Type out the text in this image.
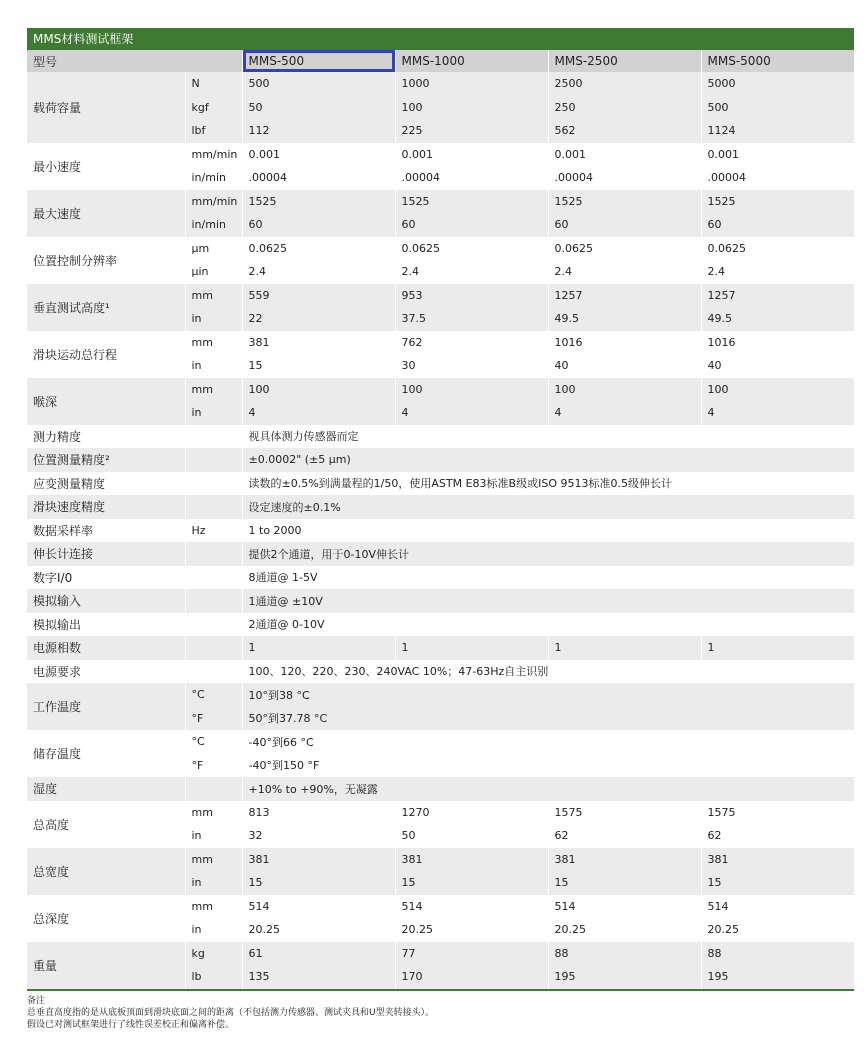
MMS材料测试框架
型号		MMS-500	MMS-1000	MMS-2500	MMS-5000
载荷容量	N	500	1000	2500	5000
	kgf	50	100	250	500
	lbf	112	225	562	1124
最小速度	mm/min	0.001	0.001	0.001	0.001
	in/min	.00004	.00004	.00004	.00004
最大速度	mm/min	1525	1525	1525	1525
	in/min	60	60	60	60
位置控制分辨率	μm	0.0625	0.0625	0.0625	0.0625
	μin	2.4	2.4	2.4	2.4
垂直测试高度¹	mm	559	953	1257	1257
	in	22	37.5	49.5	49.5
滑块运动总行程	mm	381	762	1016	1016
	in	15	30	40	40
喉深	mm	100	100	100	100
	in	4	4	4	4
测力精度		视具体测力传感器而定			
位置测量精度²		±0.0002" (±5 μm)			
应变测量精度		读数的±0.5%到满量程的1/50，使用ASTM E83标准B级或ISO 9513标准0.5级伸长计			
滑块速度精度		设定速度的±0.1%			
数据采样率	Hz	1 to 2000			
伸长计连接		提供2个通道，用于0-10V伸长计			
数字I/0		8通道@ 1-5V			
模拟输入		1通道@ ±10V			
模拟输出		2通道@ 0-10V			
电源相数		1	1	1	1
电源要求		100、120、220、230、240VAC 10%；47-63Hz自主识别			
工作温度	°C	10°到38 °C			
	°F	50°到37.78 °C			
储存温度	°C	-40°到66 °C			
	°F	-40°到150 °F			
湿度		+10% to +90%，无凝露			
总高度	mm	813	1270	1575	1575
	in	32	50	62	62
总宽度	mm	381	381	381	381
	in	15	15	15	15
总深度	mm	514	514	514	514
	in	20.25	20.25	20.25	20.25
重量	kg	61	77	88	88
	lb	135	170	195	195
备注
总垂直高度指的是从底板顶面到滑块底面之间的距离（不包括测力传感器、测试夹具和U型夹转接头）。
假设已对测试框架进行了线性误差校正和偏离补偿。
